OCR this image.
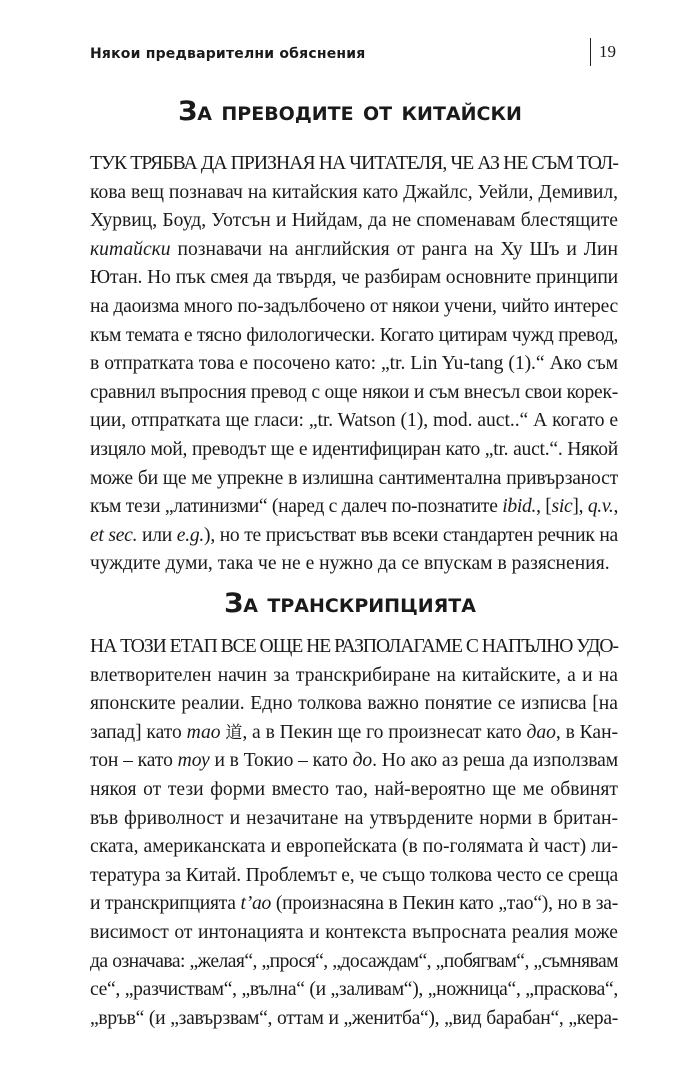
Някои предварителни обяснения	19
За преводите от китайски

ТУК ТРЯБВА ДА ПРИЗНАЯ НА ЧИТАТЕЛЯ, ЧЕ АЗ НЕ СЪМ ТОЛ-
кова вещ познавач на китайския като Джайлс, Уейли, Демивил,
Хурвиц, Боуд, Уотсън и Нийдам, да не споменавам блестящите
китайски познавачи на английския от ранга на Ху Шъ и Лин
Ютан. Но пък смея да твърдя, че разбирам основните принципи
на даоизма много по-задълбочено от някои учени, чийто интерес
към темата е тясно филологически. Когато цитирам чужд превод,
в отпратката това е посочено като: „tr. Lin Yu-tang (1).“ Ако съм
сравнил въпросния превод с още някои и съм внесъл свои корек-
ции, отпратката ще гласи: „tr. Watson (1), mod. auct..“ А когато е
изцяло мой, преводът ще е идентифициран като „tr. auct.“. Някой
може би ще ме упрекне в излишна сантиментална привързаност
към тези „латинизми“ (наред с далеч по-познатите ibid., [sic], q.v.,
et sec. или e.g.), но те присъстват във всеки стандартен речник на
чуждите думи, така че не е нужно да се впускам в разяснения.

За транскрипцията

НА ТОЗИ ЕТАП ВСЕ ОЩЕ НЕ РАЗПОЛАГАМЕ С НАПЪЛНО УДО-
влетворителен начин за транскрибиране на китайските, а и на
японските реалии. Едно толкова важно понятие се изписва [на
запад] като тао 道, а в Пекин ще го произнесат като дао, в Кан-
тон – като тоу и в Токио – като до. Но ако аз реша да използвам
някоя от тези форми вместо тао, най-вероятно ще ме обвинят
във фриволност и незачитане на утвърдените норми в британ-
ската, американската и европейската (в по-голямата ѝ част) ли-
тература за Китай. Проблемът е, че също толкова често се среща
и транскрипцията t’ao (произнасяна в Пекин като „тао“), но в за-
висимост от интонацията и контекста въпросната реалия може
да означава: „желая“, „прося“, „досаждам“, „побягвам“, „съмнявам
се“, „разчиствам“, „вълна“ (и „заливам“), „ножница“, „праскова“,
„връв“ (и „завързвам“, оттам и „женитба“), „вид барабан“, „кера-
